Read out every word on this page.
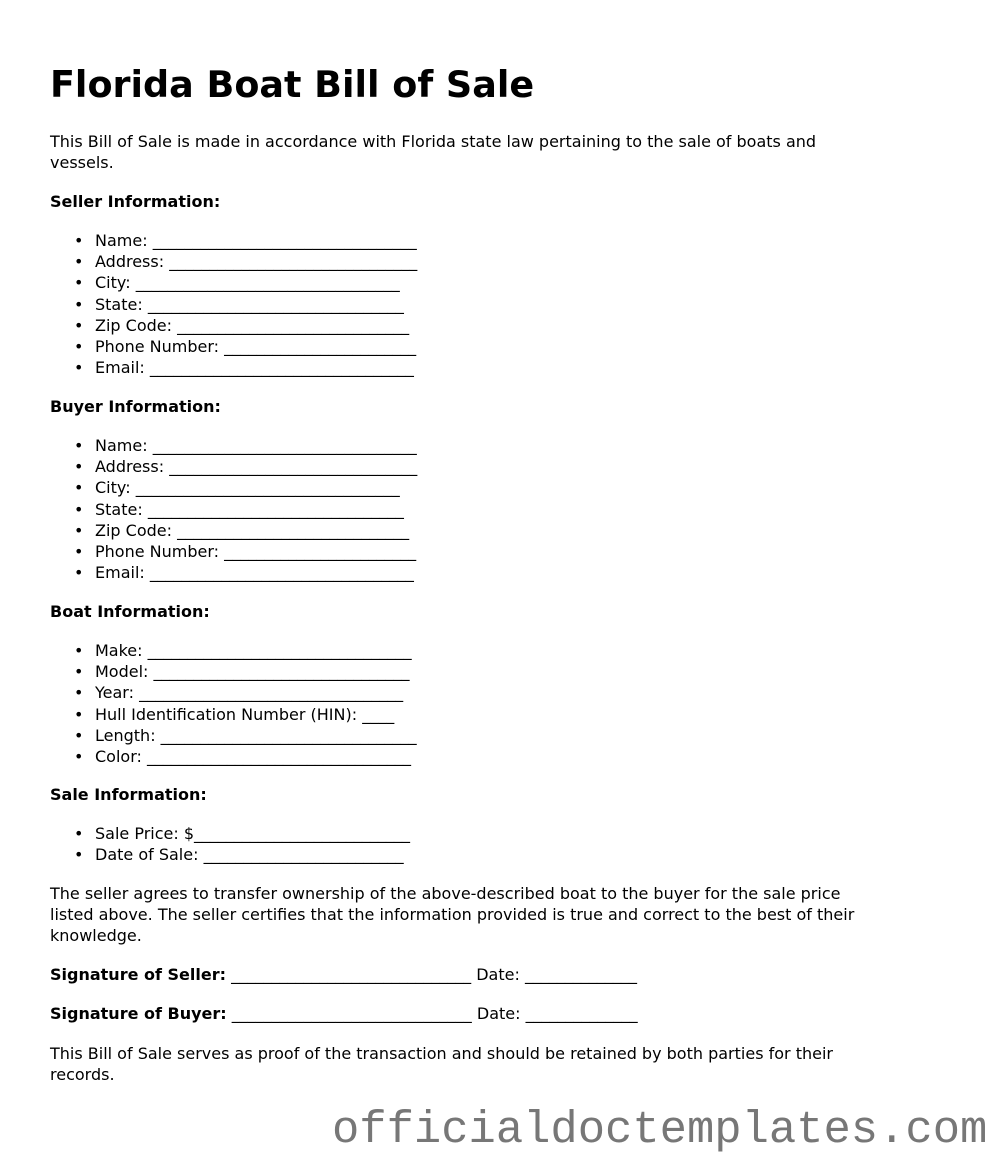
Florida Boat Bill of Sale

This Bill of Sale is made in accordance with Florida state law pertaining to the sale of boats and vessels.

Seller Information:
• Name: _________________________________
• Address: _______________________________
• City: _________________________________
• State: ________________________________
• Zip Code: _____________________________
• Phone Number: ________________________
• Email: _________________________________
Buyer Information:
• Name: _________________________________
• Address: _______________________________
• City: _________________________________
• State: ________________________________
• Zip Code: _____________________________
• Phone Number: ________________________
• Email: _________________________________
Boat Information:
• Make: _________________________________
• Model: ________________________________
• Year: _________________________________
• Hull Identification Number (HIN): ____
• Length: ________________________________
• Color: _________________________________
Sale Information:
• Sale Price: $___________________________
• Date of Sale: _________________________

The seller agrees to transfer ownership of the above-described boat to the buyer for the sale price listed above. The seller certifies that the information provided is true and correct to the best of their knowledge.

Signature of Seller: ______________________________ Date: ______________
Signature of Buyer: ______________________________ Date: ______________

This Bill of Sale serves as proof of the transaction and should be retained by both parties for their records.

officialdoctemplates.com
